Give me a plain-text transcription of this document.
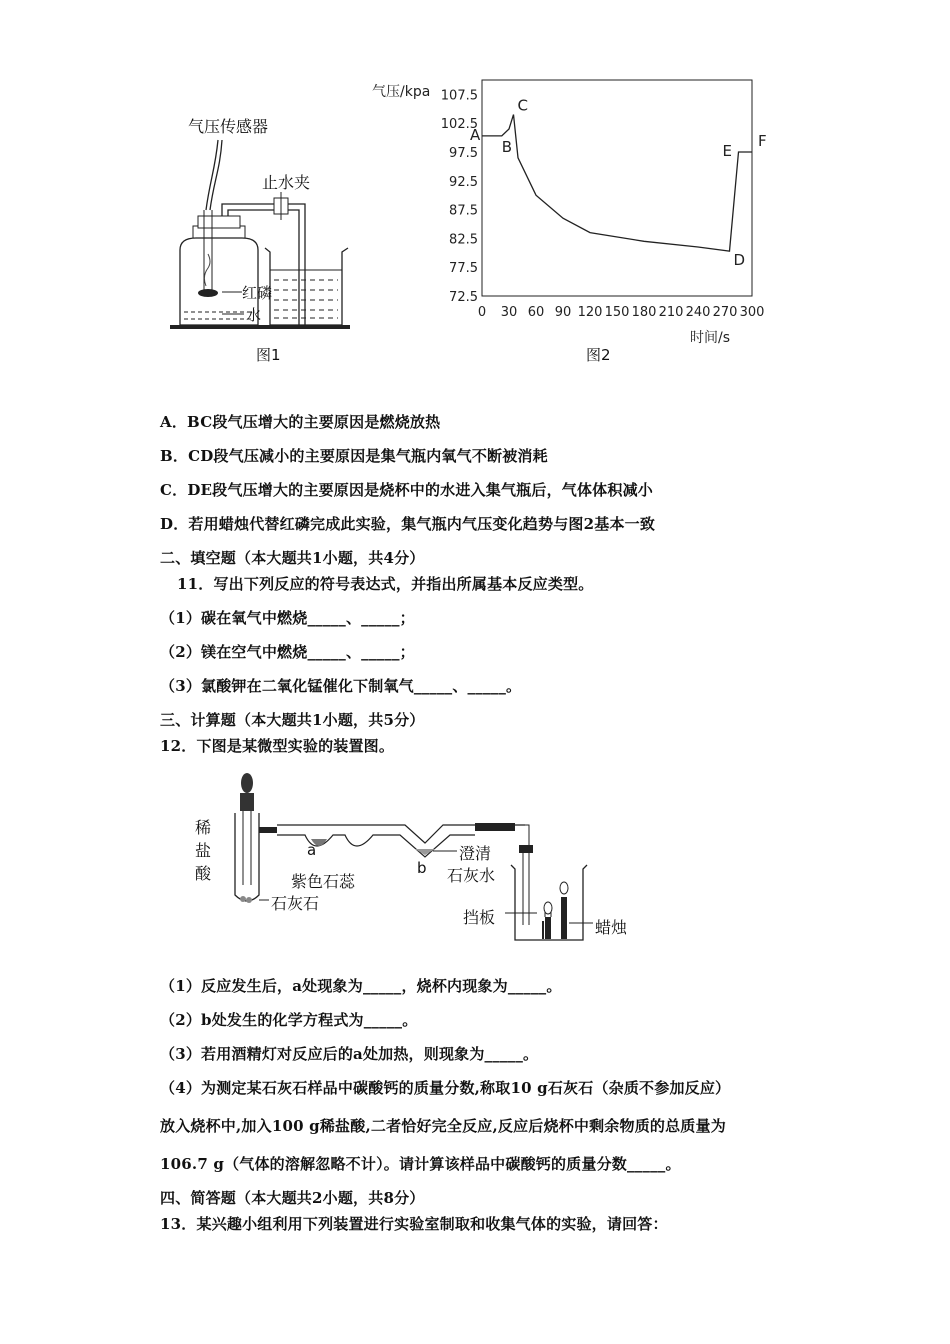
气压传感器
止水夹
红磷
水
图1
72.5
77.5
82.5
87.5
92.5
97.5
102.5
107.5
0 30 60 90 120 150 180 210 240 270 300
气压/kpa
时间/s
A
B
C
D
E
F
图2
A．BC段气压增大的主要原因是燃烧放热
B．CD段气压减小的主要原因是集气瓶内氧气不断被消耗
C．DE段气压增大的主要原因是烧杯中的水进入集气瓶后，气体体积减小
D．若用蜡烛代替红磷完成此实验，集气瓶内气压变化趋势与图2基本一致
二、填空题（本大题共1小题，共4分）
11．写出下列反应的符号表达式，并指出所属基本反应类型。
（1）碳在氧气中燃烧_____、_____；
（2）镁在空气中燃烧_____、_____；
（3）氯酸钾在二氧化锰催化下制氧气_____、_____。
三、计算题（本大题共1小题，共5分）
12．下图是某微型实验的装置图。
稀
盐
酸
a
紫色石蕊
b
澄清
石灰水
石灰石
挡板
蜡烛
（1）反应发生后，a处现象为_____，烧杯内现象为_____。
（2）b处发生的化学方程式为_____。
（3）若用酒精灯对反应后的a处加热，则现象为_____。
（4）为测定某石灰石样品中碳酸钙的质量分数,称取10 g石灰石（杂质不参加反应）
放入烧杯中,加入100 g稀盐酸,二者恰好完全反应,反应后烧杯中剩余物质的总质量为
106.7 g（气体的溶解忽略不计）。请计算该样品中碳酸钙的质量分数_____。
四、简答题（本大题共2小题，共8分）
13．某兴趣小组利用下列装置进行实验室制取和收集气体的实验，请回答：
